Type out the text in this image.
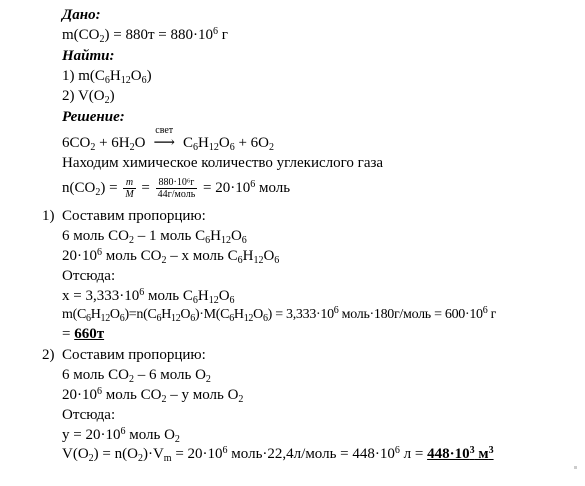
Дано:
$m(CO_2) = 880т = 880\cdot 10^6$ г
Найти:
1) $m(C_6H_{12}O_6)$
2) $V(O_2)$
Решение:
$6CO_2 + 6H_2O$
свет
⟶ $C_6H_{12}O_6 + 6O_2$
Находим химическое количество углекислого газа
$n(CO_2) = \frac{m}{M} = \frac{\text{880·10⁶г}}{\text{44г/моль}} = 20\cdot 10^6$ моль
1) Составим пропорцию:
6 моль $CO_2 - 1$ моль $C_6H_{12}O_6$
$20\cdot 10^6$ моль $CO_2$ – x моль $C_6H_{12}O_6$
Отсюда:
$x = 3,333\cdot 10^6$ моль $C_6H_{12}O_6$
$m(C_6H_{12}O_6)=n(C_6H_{12}O_6)\cdot M(C_6H_{12}O_6) = 3,333\cdot 10^6$ моль·180г/моль = $600\cdot 10^6$ г
= 660т
2) Составим пропорцию:
6 моль $CO_2 - 6$ моль $O_2$
$20\cdot 10^6$ моль $CO_2$ – y моль $O_2$
Отсюда:
$y = 20\cdot 10^6$ моль $O_2$
$V(O_2) = n(O_2)\cdot V_m = 20\cdot 10^6$ моль·22,4л/моль = $448\cdot 10^6$ $л = 448\cdot 10^3$ $м^3$
